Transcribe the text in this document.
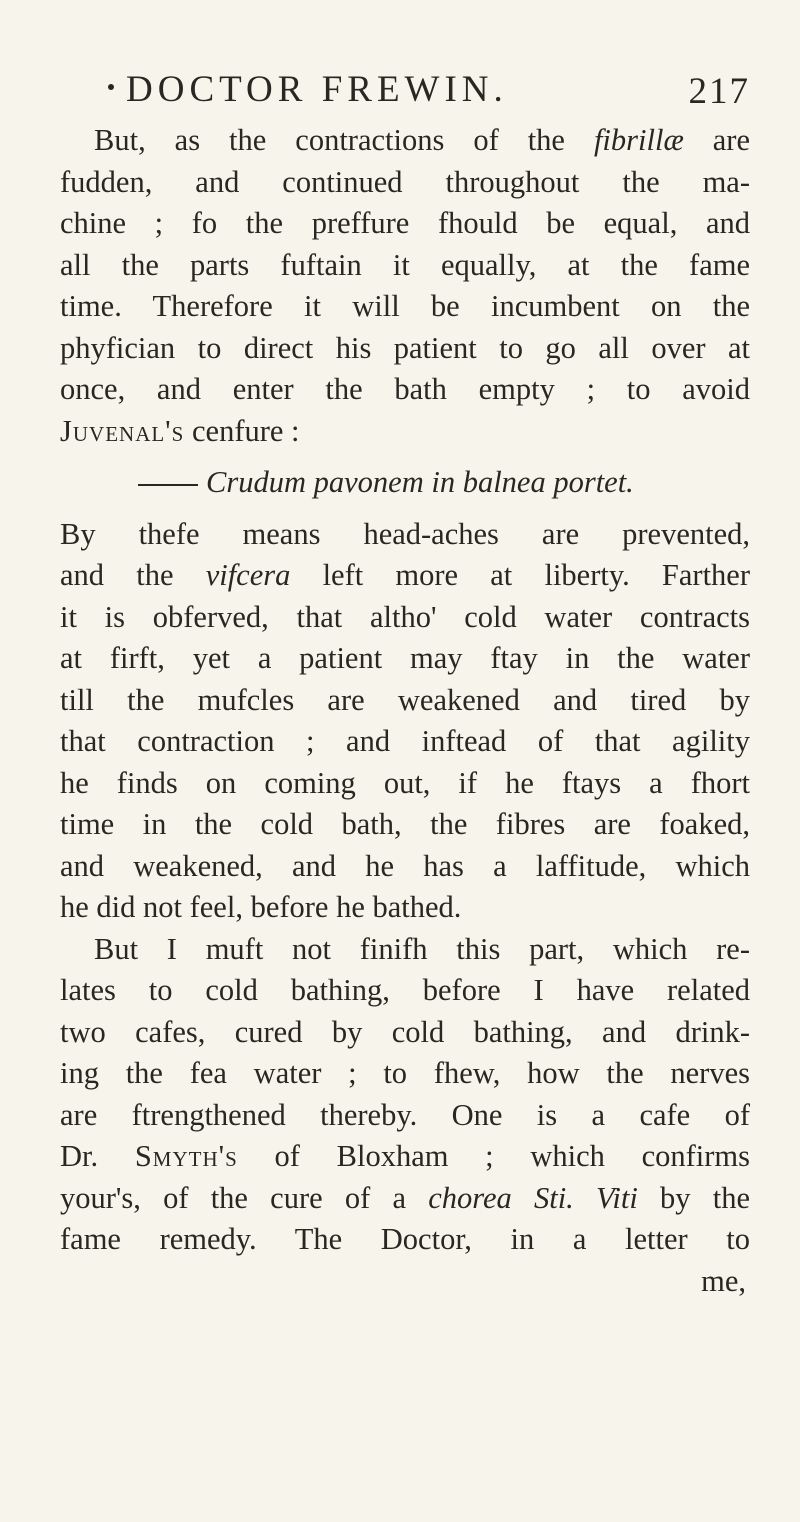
DOCTOR FREWIN.	217
But, as the contractions of the fibrillæ are
fudden, and continued throughout the ma-
chine ; fo the preffure fhould be equal, and
all the parts fuftain it equally, at the fame
time. Therefore it will be incumbent on the
phyfician to direct his patient to go all over at
once, and enter the bath empty ; to avoid
Juvenal's cenfure :
Crudum pavonem in balnea portet.
By thefe means head-aches are prevented,
and the vifcera left more at liberty. Farther
it is obferved, that altho' cold water contracts
at firft, yet a patient may ftay in the water
till the mufcles are weakened and tired by
that contraction ; and inftead of that agility
he finds on coming out, if he ftays a fhort
time in the cold bath, the fibres are foaked,
and weakened, and he has a laffitude, which
he did not feel, before he bathed.
But I muft not finifh this part, which re-
lates to cold bathing, before I have related
two cafes, cured by cold bathing, and drink-
ing the fea water ; to fhew, how the nerves
are ftrengthened thereby. One is a cafe of
Dr. Smyth's of Bloxham ; which confirms
your's, of the cure of a chorea Sti. Viti by the
fame remedy. The Doctor, in a letter to
me,
